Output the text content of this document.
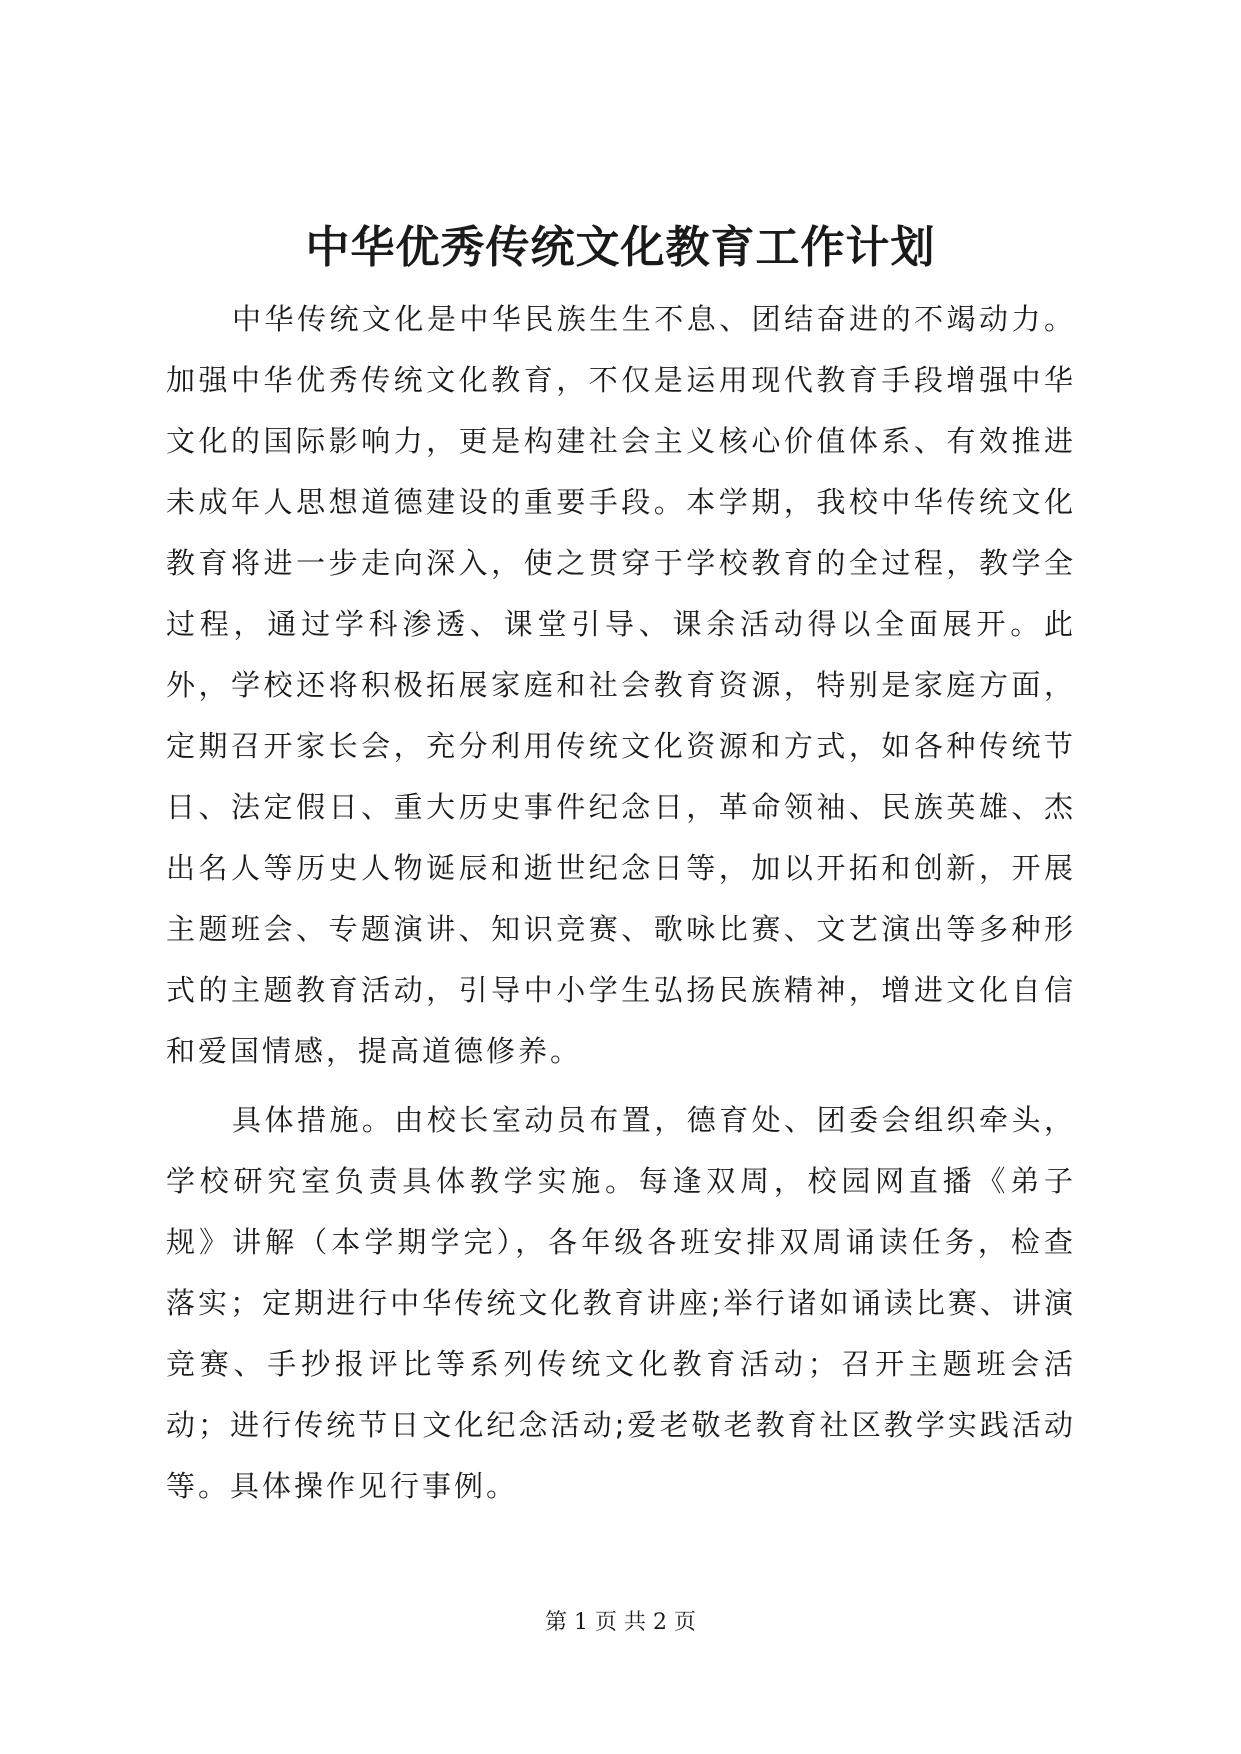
中华优秀传统文化教育工作计划

中华传统文化是中华民族生生不息、团结奋进的不竭动力。加强中华优秀传统文化教育，不仅是运用现代教育手段增强中华文化的国际影响力，更是构建社会主义核心价值体系、有效推进未成年人思想道德建设的重要手段。本学期，我校中华传统文化教育将进一步走向深入，使之贯穿于学校教育的全过程，教学全过程，通过学科渗透、课堂引导、课余活动得以全面展开。此外，学校还将积极拓展家庭和社会教育资源，特别是家庭方面，定期召开家长会，充分利用传统文化资源和方式，如各种传统节日、法定假日、重大历史事件纪念日，革命领袖、民族英雄、杰出名人等历史人物诞辰和逝世纪念日等，加以开拓和创新，开展主题班会、专题演讲、知识竞赛、歌咏比赛、文艺演出等多种形式的主题教育活动，引导中小学生弘扬民族精神，增进文化自信和爱国情感，提高道德修养。

具体措施。由校长室动员布置，德育处、团委会组织牵头，学校研究室负责具体教学实施。每逢双周，校园网直播《弟子规》讲解（本学期学完），各年级各班安排双周诵读任务，检查落实；定期进行中华传统文化教育讲座;举行诸如诵读比赛、讲演竞赛、手抄报评比等系列传统文化教育活动；召开主题班会活动；进行传统节日文化纪念活动;爱老敬老教育社区教学实践活动等。具体操作见行事例。

第 1 页 共 2 页
